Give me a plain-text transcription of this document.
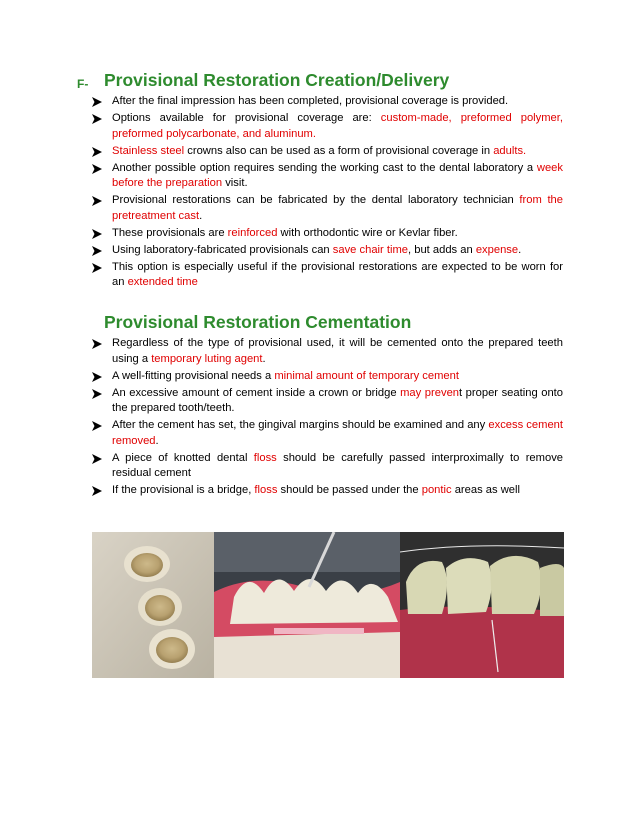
F- Provisional Restoration Creation/Delivery
After the final impression has been completed, provisional coverage is provided.
Options available for provisional coverage are: custom-made, preformed polymer, preformed polycarbonate, and aluminum.
Stainless steel crowns also can be used as a form of provisional coverage in adults.
Another possible option requires sending the working cast to the dental laboratory a week before the preparation visit.
Provisional restorations can be fabricated by the dental laboratory technician from the pretreatment cast.
These provisionals are reinforced with orthodontic wire or Kevlar fiber.
Using laboratory-fabricated provisionals can save chair time, but adds an expense.
This option is especially useful if the provisional restorations are expected to be worn for an extended time
Provisional Restoration Cementation
Regardless of the type of provisional used, it will be cemented onto the prepared teeth using a temporary luting agent.
A well-fitting provisional needs a minimal amount of temporary cement
An excessive amount of cement inside a crown or bridge may prevent proper seating onto the prepared tooth/teeth.
After the cement has set, the gingival margins should be examined and any excess cement removed.
A piece of knotted dental floss should be carefully passed interproximally to remove residual cement
If the provisional is a bridge, floss should be passed under the pontic areas as well
